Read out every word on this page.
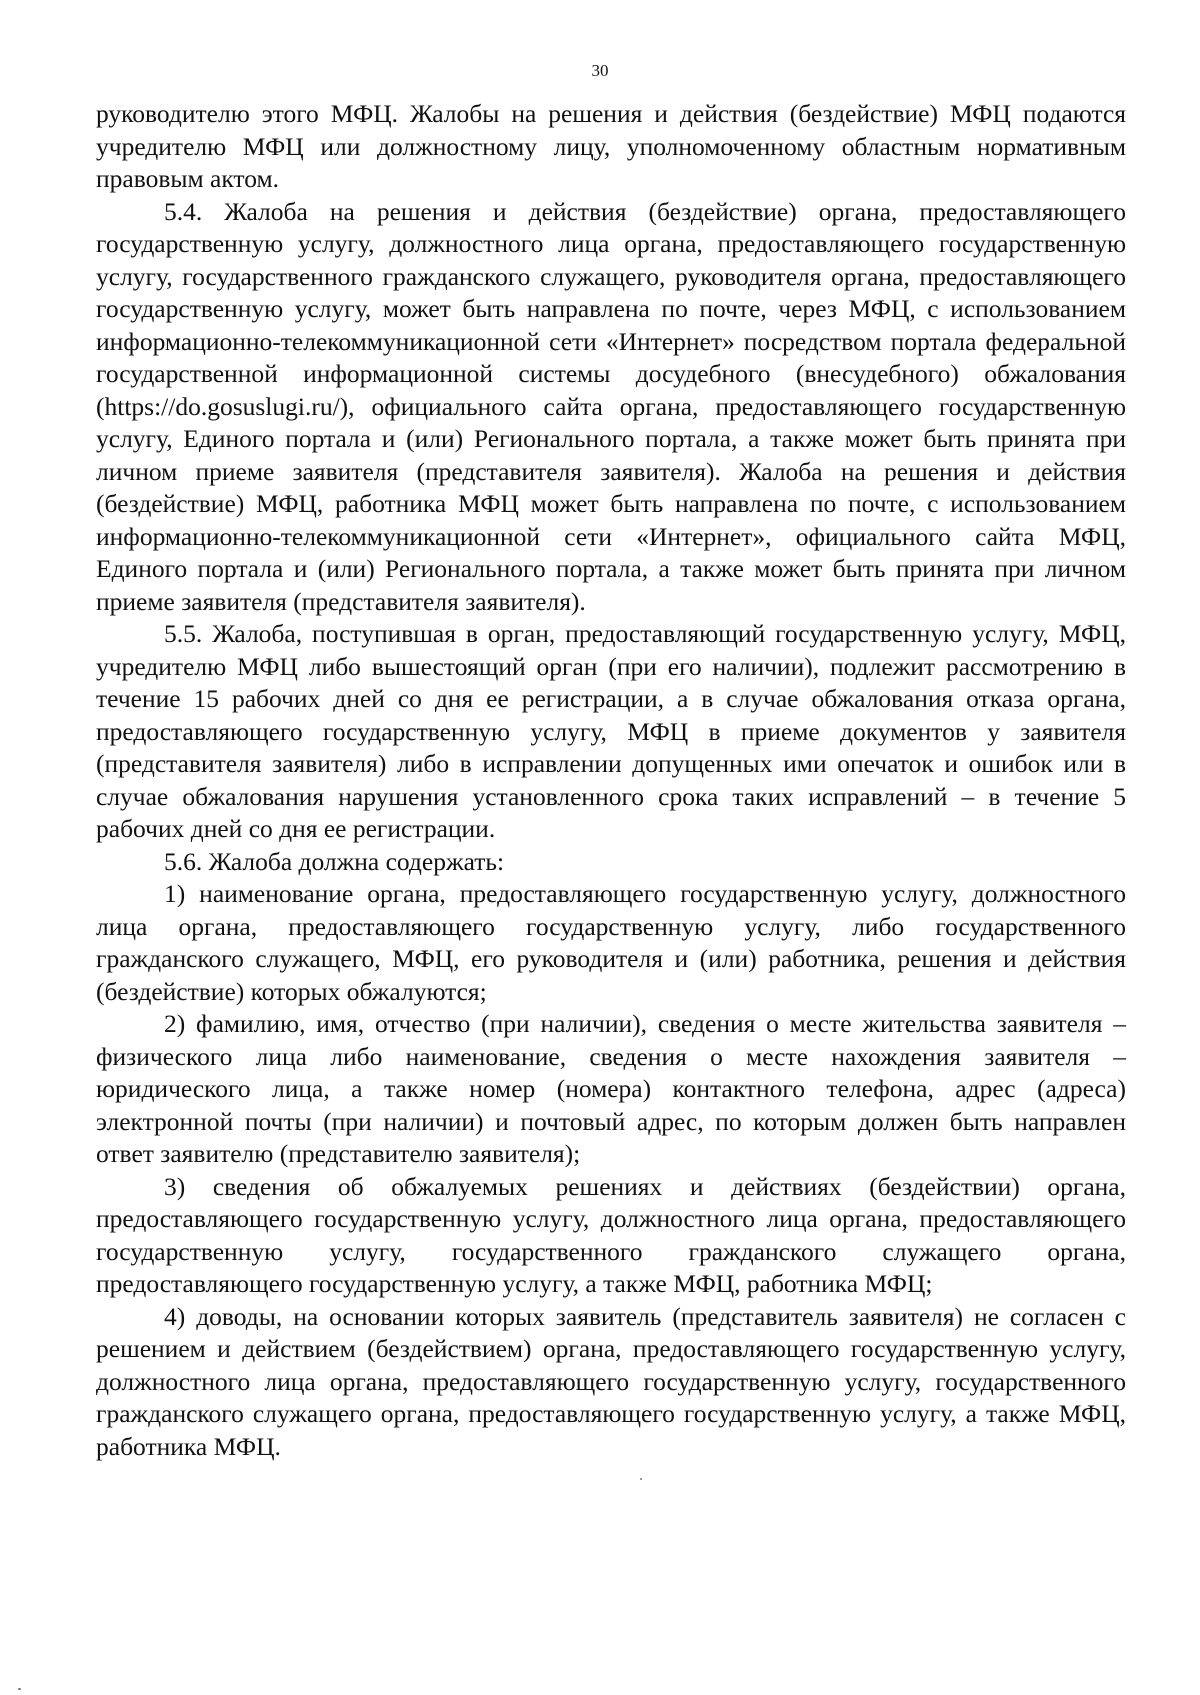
30

руководителю этого МФЦ. Жалобы на решения и действия (бездействие) МФЦ подаются учредителю МФЦ или должностному лицу, уполномоченному областным нормативным правовым актом.

5.4. Жалоба на решения и действия (бездействие) органа, предоставляющего государственную услугу, должностного лица органа, предоставляющего государственную услугу, государственного гражданского служащего, руководителя органа, предоставляющего государственную услугу, может быть направлена по почте, через МФЦ, с использованием информационно-телекоммуникационной сети «Интернет» посредством портала федеральной государственной информационной системы досудебного (внесудебного) обжалования (https://do.gosuslugi.ru/), официального сайта органа, предоставляющего государственную услугу, Единого портала и (или) Регионального портала, а также может быть принята при личном приеме заявителя (представителя заявителя). Жалоба на решения и действия (бездействие) МФЦ, работника МФЦ может быть направлена по почте, с использованием информационно-телекоммуникационной сети «Интернет», официального сайта МФЦ, Единого портала и (или) Регионального портала, а также может быть принята при личном приеме заявителя (представителя заявителя).

5.5. Жалоба, поступившая в орган, предоставляющий государственную услугу, МФЦ, учредителю МФЦ либо вышестоящий орган (при его наличии), подлежит рассмотрению в течение 15 рабочих дней со дня ее регистрации, а в случае обжалования отказа органа, предоставляющего государственную услугу, МФЦ в приеме документов у заявителя (представителя заявителя) либо в исправлении допущенных ими опечаток и ошибок или в случае обжалования нарушения установленного срока таких исправлений – в течение 5 рабочих дней со дня ее регистрации.

5.6. Жалоба должна содержать:

1) наименование органа, предоставляющего государственную услугу, должностного лица органа, предоставляющего государственную услугу, либо государственного гражданского служащего, МФЦ, его руководителя и (или) работника, решения и действия (бездействие) которых обжалуются;

2) фамилию, имя, отчество (при наличии), сведения о месте жительства заявителя – физического лица либо наименование, сведения о месте нахождения заявителя – юридического лица, а также номер (номера) контактного телефона, адрес (адреса) электронной почты (при наличии) и почтовый адрес, по которым должен быть направлен ответ заявителю (представителю заявителя);

3) сведения об обжалуемых решениях и действиях (бездействии) органа, предоставляющего государственную услугу, должностного лица органа, предоставляющего государственную услугу, государственного гражданского служащего органа, предоставляющего государственную услугу, а также МФЦ, работника МФЦ;

4) доводы, на основании которых заявитель (представитель заявителя) не согласен с решением и действием (бездействием) органа, предоставляющего государственную услугу, должностного лица органа, предоставляющего государственную услугу, государственного гражданского служащего органа, предоставляющего государственную услугу, а также МФЦ, работника МФЦ.
